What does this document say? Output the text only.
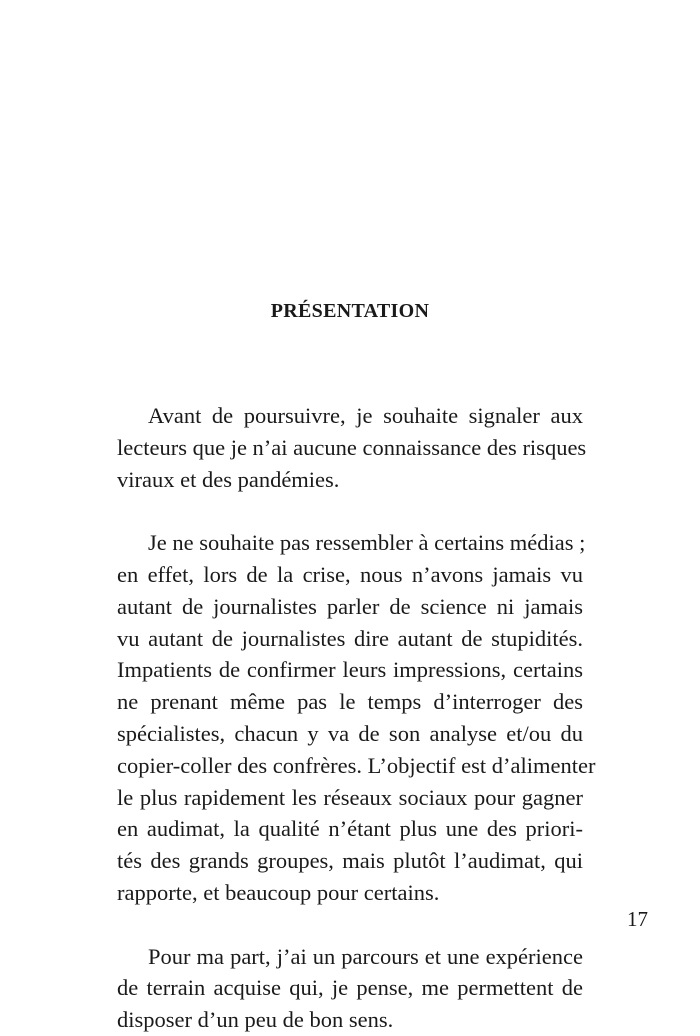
PRÉSENTATION
Avant de poursuivre, je souhaite signaler aux
lecteurs que je n’ai aucune connaissance des risques
viraux et des pandémies.
Je ne souhaite pas ressembler à certains médias ;
en effet, lors de la crise, nous n’avons jamais vu
autant de journalistes parler de science ni jamais
vu autant de journalistes dire autant de stupidités.
Impatients de confirmer leurs impressions, certains
ne prenant même pas le temps d’interroger des
spécialistes, chacun y va de son analyse et/ou du
copier-coller des confrères. L’objectif est d’alimenter
le plus rapidement les réseaux sociaux pour gagner
en audimat, la qualité n’étant plus une des priori-
tés des grands groupes, mais plutôt l’audimat, qui
rapporte, et beaucoup pour certains.
Pour ma part, j’ai un parcours et une expérience
de terrain acquise qui, je pense, me permettent de
disposer d’un peu de bon sens.
17
